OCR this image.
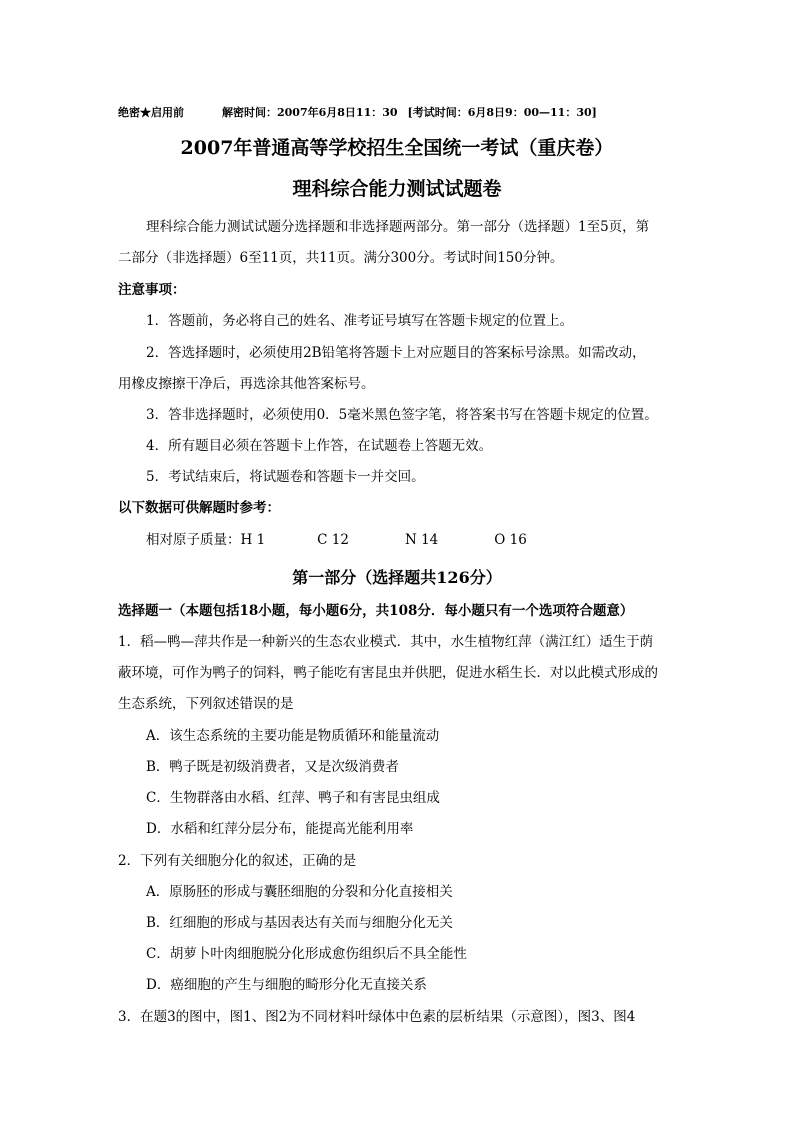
绝密★启用前	解密时间：2007年6月8日11：30 [考试时间：6月8日9：00—11：30]
2007年普通高等学校招生全国统一考试（重庆卷）
理科综合能力测试试题卷
理科综合能力测试试题分选择题和非选择题两部分。第一部分（选择题）1至5页，第
二部分（非选择题）6至11页，共11页。满分300分。考试时间150分钟。
注意事项：
1．答题前，务必将自己的姓名、准考证号填写在答题卡规定的位置上。
2．答选择题时，必须使用2B铅笔将答题卡上对应题目的答案标号涂黑。如需改动，
用橡皮擦擦干净后，再选涂其他答案标号。
3．答非选择题时，必须使用0．5毫米黑色签字笔，将答案书写在答题卡规定的位置。
4．所有题目必须在答题卡上作答，在试题卷上答题无效。
5．考试结束后，将试题卷和答题卡一并交回。
以下数据可供解题时参考：
相对原子质量：H 1	C 12	N 14	O 16
第一部分（选择题共126分）
选择题一（本题包括18小题，每小题6分，共108分．每小题只有一个选项符合题意）
1．稻—鸭—萍共作是一种新兴的生态农业模式．其中，水生植物红萍（满江红）适生于荫
蔽环境，可作为鸭子的饲料，鸭子能吃有害昆虫并供肥，促进水稻生长．对以此模式形成的
生态系统，下列叙述错误的是
A．该生态系统的主要功能是物质循环和能量流动
B．鸭子既是初级消费者，又是次级消费者
C．生物群落由水稻、红萍、鸭子和有害昆虫组成
D．水稻和红萍分层分布，能提高光能利用率
2．下列有关细胞分化的叙述，正确的是
A．原肠胚的形成与囊胚细胞的分裂和分化直接相关
B．红细胞的形成与基因表达有关而与细胞分化无关
C．胡萝卜叶肉细胞脱分化形成愈伤组织后不具全能性
D．癌细胞的产生与细胞的畸形分化无直接关系
3．在题3的图中，图1、图2为不同材料叶绿体中色素的层析结果（示意图），图3、图4
